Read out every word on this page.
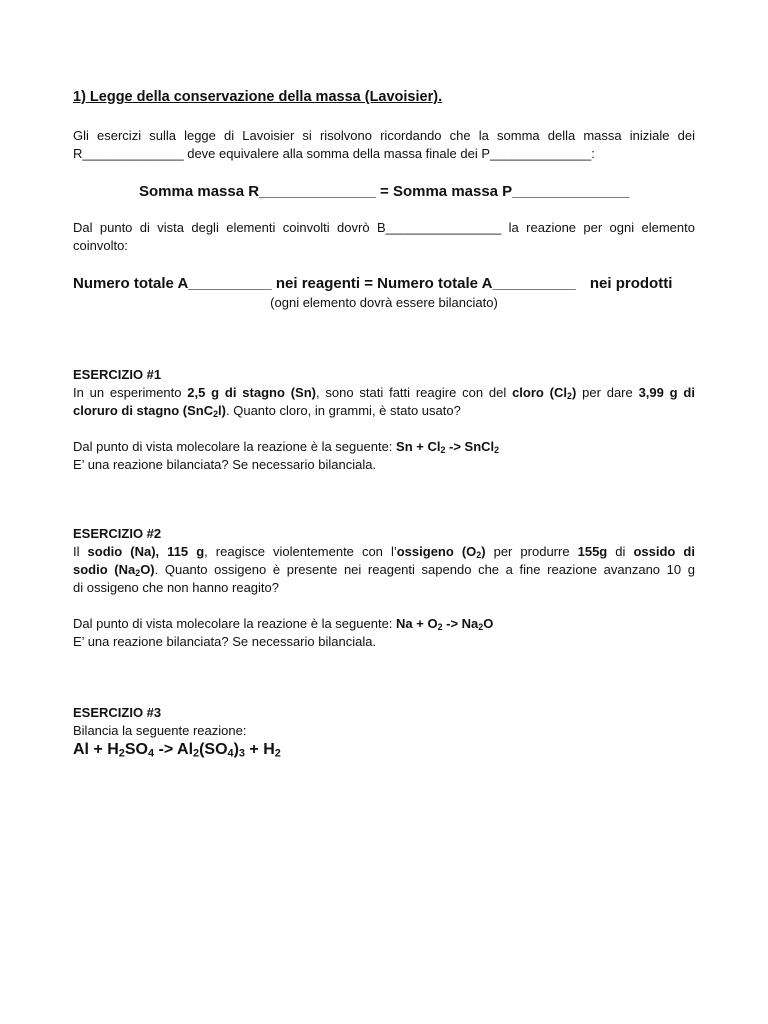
1) Legge della conservazione della massa (Lavoisier).
Gli esercizi sulla legge di Lavoisier si risolvono ricordando che la somma della massa iniziale dei
R______________ deve equivalere alla somma della massa finale dei P______________:
Somma massa R______________ = Somma massa P______________
Dal punto di vista degli elementi coinvolti dovrò B________________ la reazione per ogni elemento
coinvolto:
Numero totale A__________ nei reagenti = Numero totale A__________ nei prodotti
(ogni elemento dovrà essere bilanciato)
ESERCIZIO #1
In un esperimento 2,5 g di stagno (Sn), sono stati fatti reagire con del cloro $(Cl_2)$ per dare 3,99 g di
cloruro di stagno (SnC$_2$l). Quanto cloro, in grammi, è stato usato?
Dal punto di vista molecolare la reazione è la seguente: $Sn + Cl_2$ -> SnCl$_2$
E’ una reazione bilanciata? Se necessario bilanciala.
ESERCIZIO #2
Il sodio (Na), 115 g, reagisce violentemente con l’ossigeno $(O_2)$ per produrre 155g di ossido di
sodio $(Na_2O)$. Quanto ossigeno è presente nei reagenti sapendo che a fine reazione avanzano 10 g
di ossigeno che non hanno reagito?
Dal punto di vista molecolare la reazione è la seguente: $Na + O_2 -> Na_2O$
E’ una reazione bilanciata? Se necessario bilanciala.
ESERCIZIO #3
Bilancia la seguente reazione:
$Al + H_2SO_4 -> Al_2(SO_4)_3 + H_2$
